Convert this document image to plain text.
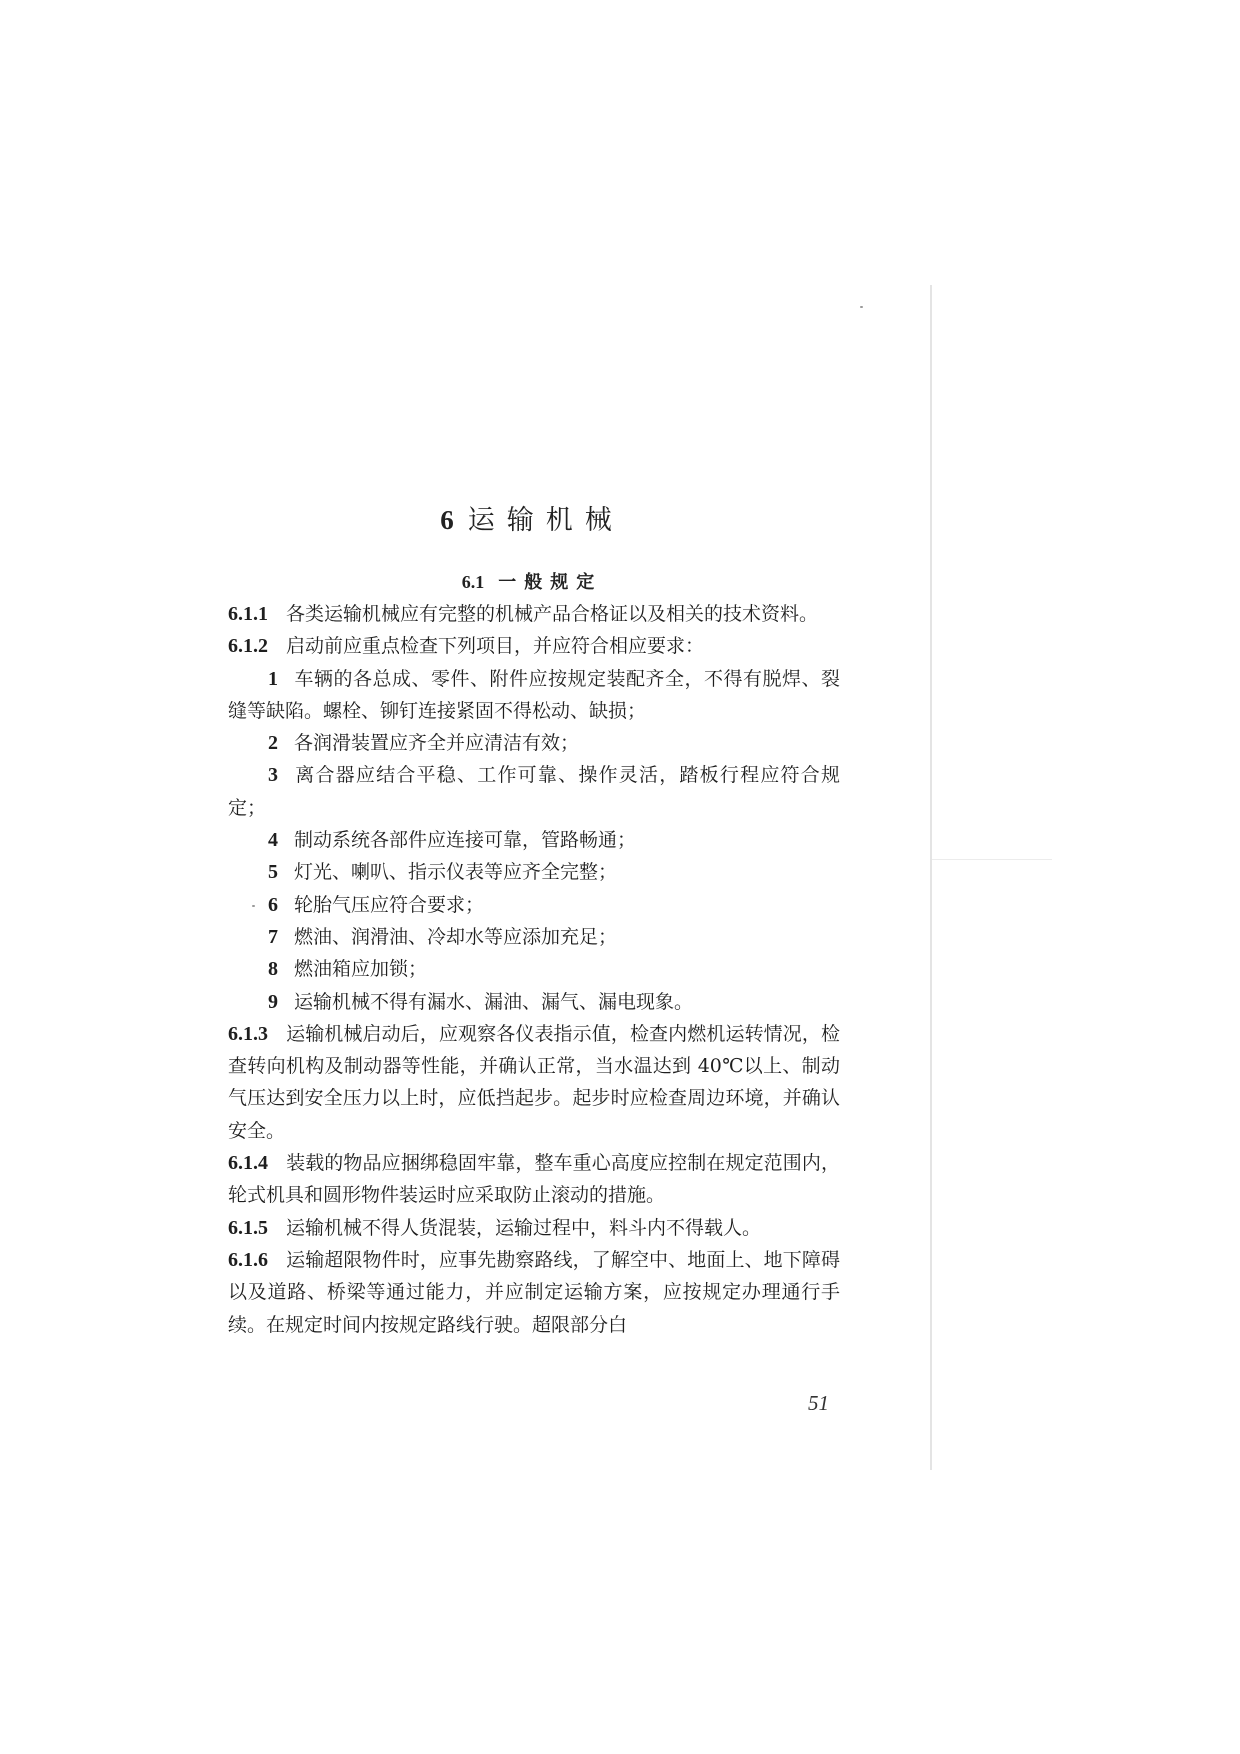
6 运输机械
6.1 一般规定

6.1.1 各类运输机械应有完整的机械产品合格证以及相关的技术资料。

6.1.2 启动前应重点检查下列项目，并应符合相应要求：

1 车辆的各总成、零件、附件应按规定装配齐全，不得有脱焊、裂缝等缺陷。螺栓、铆钉连接紧固不得松动、缺损；

2 各润滑装置应齐全并应清洁有效；

3 离合器应结合平稳、工作可靠、操作灵活，踏板行程应符合规定；

4 制动系统各部件应连接可靠，管路畅通；

5 灯光、喇叭、指示仪表等应齐全完整；

6 轮胎气压应符合要求；

7 燃油、润滑油、冷却水等应添加充足；

8 燃油箱应加锁；

9 运输机械不得有漏水、漏油、漏气、漏电现象。

6.1.3 运输机械启动后，应观察各仪表指示值，检查内燃机运转情况，检查转向机构及制动器等性能，并确认正常，当水温达到 40℃以上、制动气压达到安全压力以上时，应低挡起步。起步时应检查周边环境，并确认安全。

6.1.4 装载的物品应捆绑稳固牢靠，整车重心高度应控制在规定范围内，轮式机具和圆形物件装运时应采取防止滚动的措施。

6.1.5 运输机械不得人货混装，运输过程中，料斗内不得载人。

6.1.6 运输超限物件时，应事先勘察路线，了解空中、地面上、地下障碍以及道路、桥梁等通过能力，并应制定运输方案，应按规定办理通行手续。在规定时间内按规定路线行驶。超限部分白

51
